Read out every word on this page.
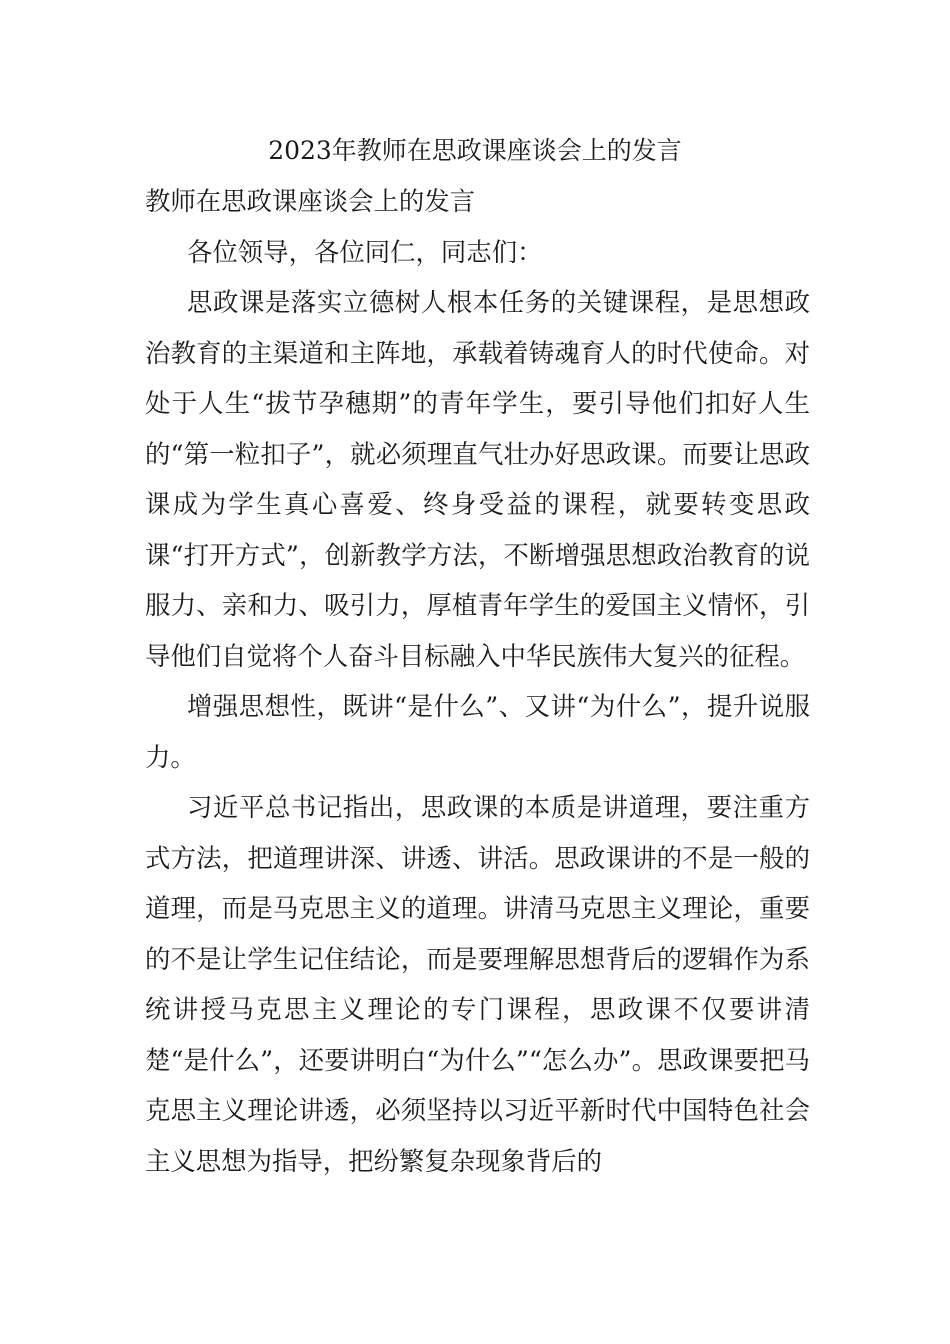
2023年教师在思政课座谈会上的发言

教师在思政课座谈会上的发言

各位领导，各位同仁，同志们：

思政课是落实立德树人根本任务的关键课程，是思想政治教育的主渠道和主阵地，承载着铸魂育人的时代使命。对处于人生“拔节孕穗期”的青年学生，要引导他们扣好人生的“第一粒扣子”，就必须理直气壮办好思政课。而要让思政课成为学生真心喜爱、终身受益的课程，就要转变思政课“打开方式”，创新教学方法，不断增强思想政治教育的说服力、亲和力、吸引力，厚植青年学生的爱国主义情怀，引导他们自觉将个人奋斗目标融入中华民族伟大复兴的征程。

增强思想性，既讲“是什么”、又讲“为什么”，提升说服力。

习近平总书记指出，思政课的本质是讲道理，要注重方式方法，把道理讲深、讲透、讲活。思政课讲的不是一般的道理，而是马克思主义的道理。讲清马克思主义理论，重要的不是让学生记住结论，而是要理解思想背后的逻辑作为系统讲授马克思主义理论的专门课程，思政课不仅要讲清楚“是什么”，还要讲明白“为什么”“怎么办”。思政课要把马克思主义理论讲透，必须坚持以习近平新时代中国特色社会主义思想为指导，把纷繁复杂现象背后的
